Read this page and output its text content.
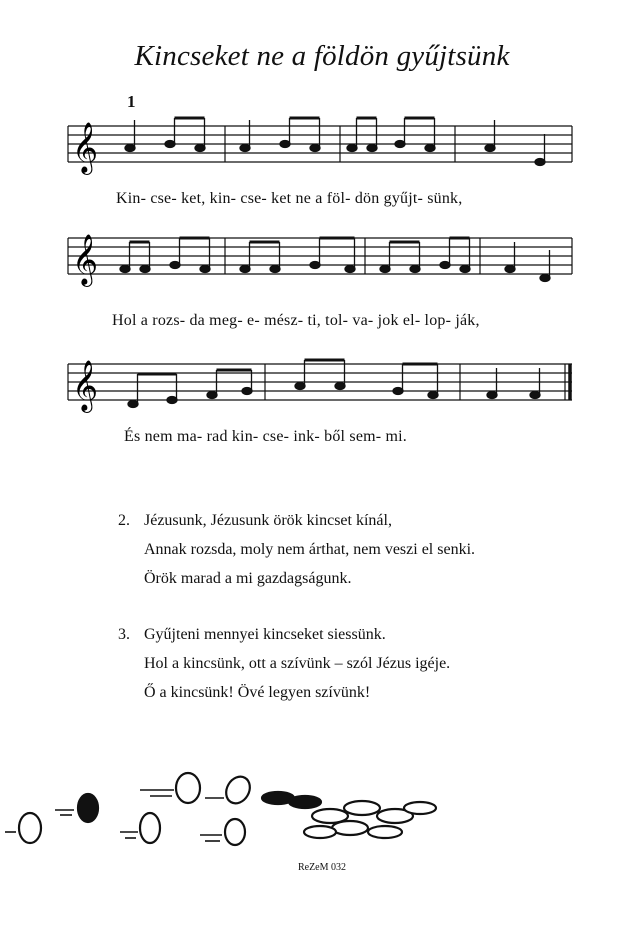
Kincseket ne a földön gyűjtsünk
1
𝄞
Kin- cse- ket, kin- cse- ket ne a föl- dön gyűjt- sünk,
𝄞
Hol a rozs- da meg- e- mész- ti, tol- va- jok el- lop- ják,
𝄞
És nem ma- rad kin- cse- ink- ből sem- mi.
2. Jézusunk, Jézusunk örök kincset kínál,
Annak rozsda, moly nem árthat, nem veszi el senki.
Örök marad a mi gazdagságunk.
3. Gyűjteni mennyei kincseket siessünk.
Hol a kincsünk, ott a szívünk – szól Jézus igéje.
Ő a kincsünk! Övé legyen szívünk!
ReZeM 032
